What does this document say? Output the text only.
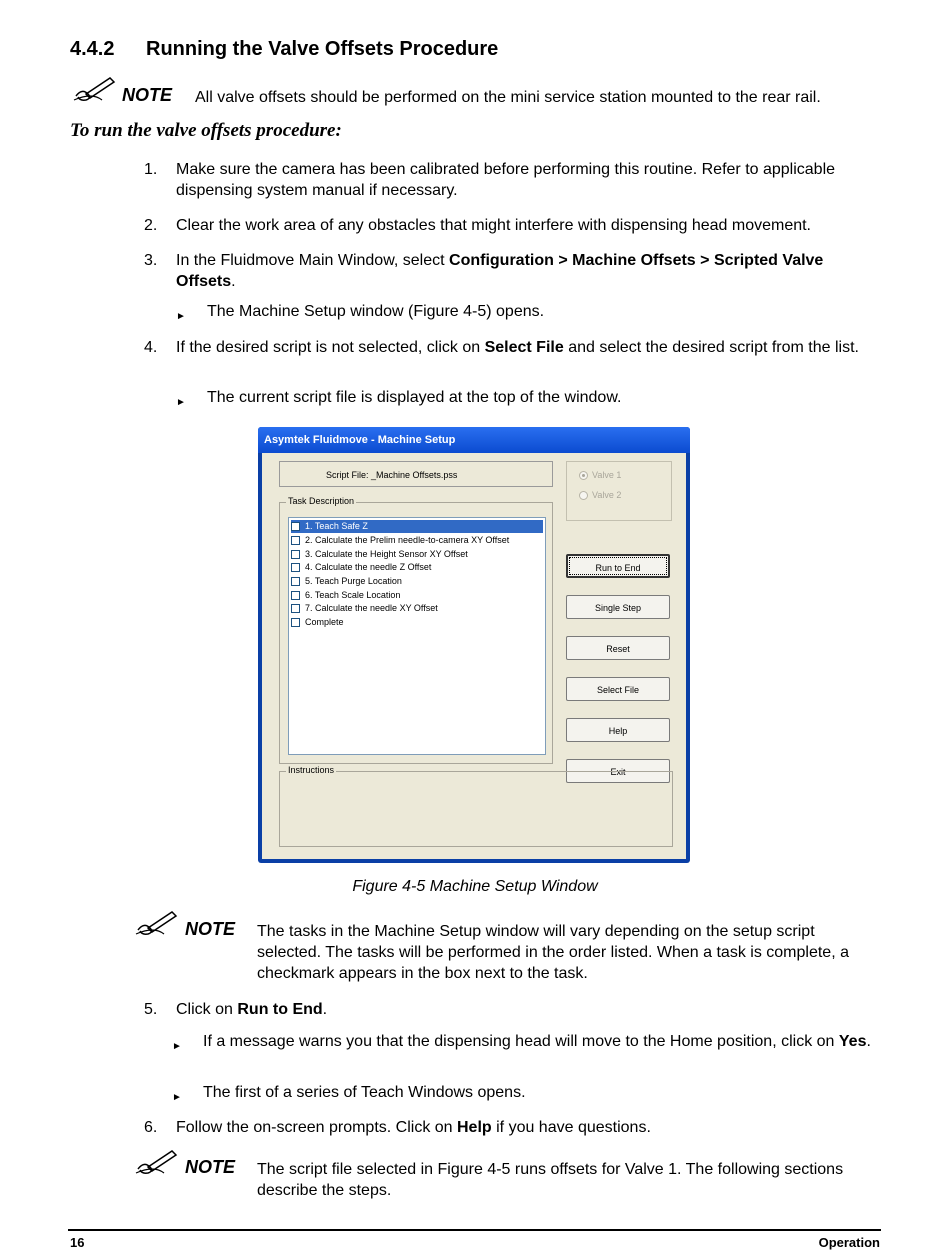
4.4.2 Running the Valve Offsets Procedure
NOTE All valve offsets should be performed on the mini service station mounted to the rear rail.
To run the valve offsets procedure:
1. Make sure the camera has been calibrated before performing this routine. Refer to applicable dispensing system manual if necessary.
2. Clear the work area of any obstacles that might interfere with dispensing head movement.
3. In the Fluidmove Main Window, select Configuration > Machine Offsets > Scripted Valve Offsets.
► The Machine Setup window (Figure 4-5) opens.
4. If the desired script is not selected, click on Select File and select the desired script from the list.
► The current script file is displayed at the top of the window.
Asymtek Fluidmove - Machine Setup
Script File: _Machine Offsets.pss	Valve 1
Valve 2
Task Description
1. Teach Safe Z
2. Calculate the Prelim needle-to-camera XY Offset
3. Calculate the Height Sensor XY Offset
4. Calculate the needle Z Offset
5. Teach Purge Location
6. Teach Scale Location
7. Calculate the needle XY Offset
Complete
Run to End
Single Step
Reset
Select File
Help
Exit
Instructions
Figure 4-5 Machine Setup Window
NOTE The tasks in the Machine Setup window will vary depending on the setup script selected. The tasks will be performed in the order listed. When a task is complete, a checkmark appears in the box next to the task.
5. Click on Run to End.
► If a message warns you that the dispensing head will move to the Home position, click on Yes.
► The first of a series of Teach Windows opens.
6. Follow the on-screen prompts. Click on Help if you have questions.
NOTE The script file selected in Figure 4-5 runs offsets for Valve 1. The following sections describe the steps.
16	Operation
